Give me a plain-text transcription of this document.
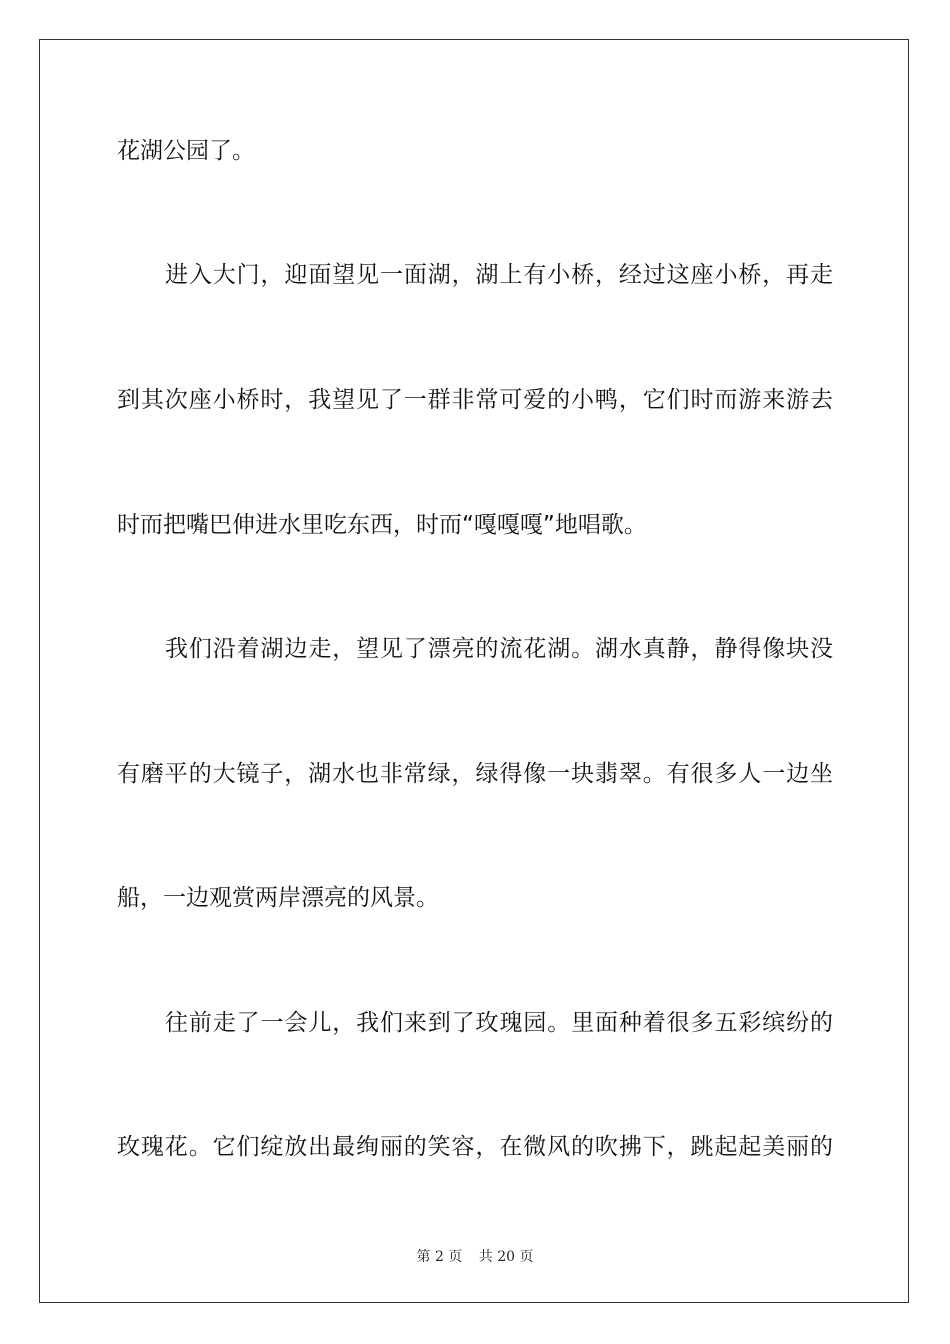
花湖公园了。
进入大门，迎面望见一面湖，湖上有小桥，经过这座小桥，再走
到其次座小桥时，我望见了一群非常可爱的小鸭，它们时而游来游去
时而把嘴巴伸进水里吃东西，时而“嘎嘎嘎”地唱歌。
我们沿着湖边走，望见了漂亮的流花湖。湖水真静，静得像块没
有磨平的大镜子，湖水也非常绿，绿得像一块翡翠。有很多人一边坐
船，一边观赏两岸漂亮的风景。
往前走了一会儿，我们来到了玫瑰园。里面种着很多五彩缤纷的
玫瑰花。它们绽放出最绚丽的笑容，在微风的吹拂下，跳起起美丽的
第 2 页 共 20 页
